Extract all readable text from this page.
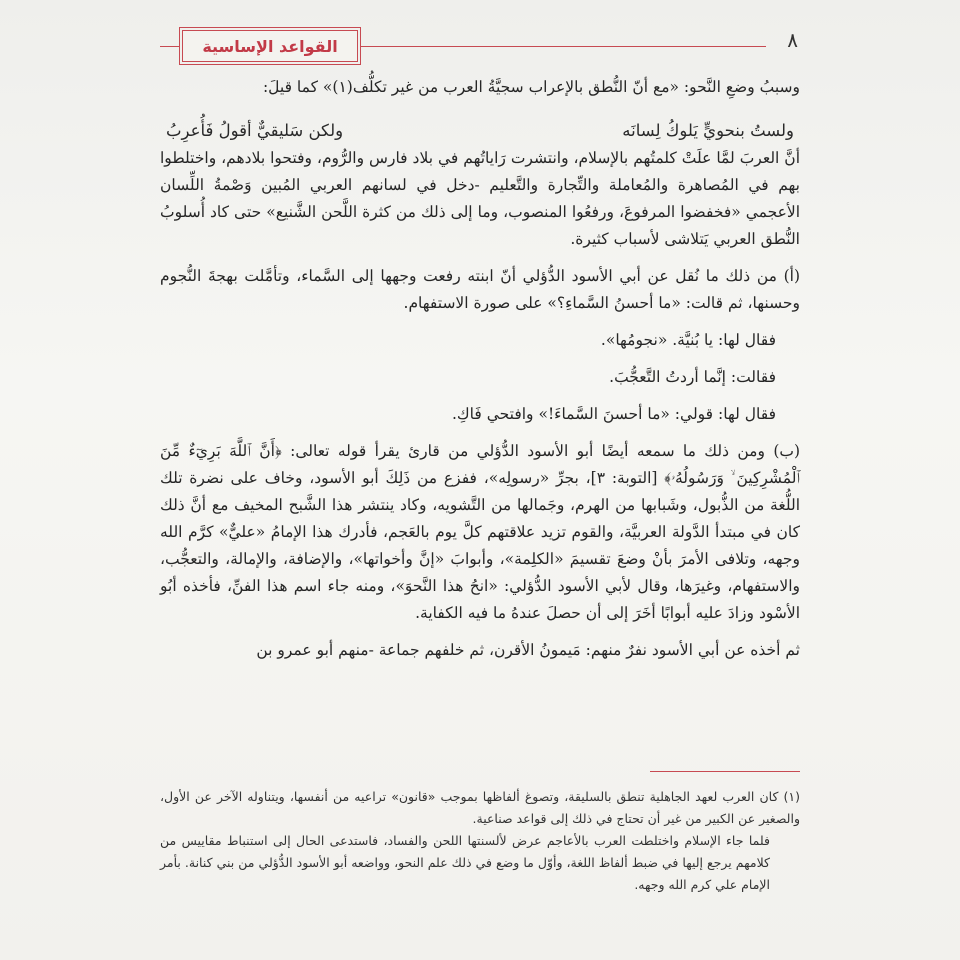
القواعد الإساسية	٨

وسببُ وضعِ النَّحو: «مع أنّ النُّطق بالإعراب سجيَّةُ العرب من غير تكلُّف(١)» كما قيلَ:

ولستُ بنحويٍّ يَلوكُ لِسانَه
ولكن سَليقيٌّ أقولُ فَأُعرِبُ

أنَّ العربَ لمَّا علَتْ كلمتُهم بالإسلام، وانتشرت رَاياتُهم في بلاد فارس والرُّوم، وفتحوا بلادهم، واختلطوا بهم في المُصاهرة والمُعاملة والتِّجارة والتَّعليم -دخل في لسانهم العربي المُبين وَصْمةُ اللِّسان الأعجمي «فخفضوا المرفوعَ، ورفعُوا المنصوب، وما إلى ذلك من كثرة اللَّحن الشَّنيع» حتى كاد أُسلوبُ النُّطق العربي يَتلاشى لأسباب كثيرة.

(أ) من ذلك ما نُقل عن أبي الأسود الدُّؤلي أنّ ابنته رفعت وجهها إلى السَّماء، وتأمَّلت بهجةَ النُّجوم وحسنها، ثم قالت: «ما أحسنُ السَّماءِ؟» على صورة الاستفهام.

فقال لها: يا بُنيَّة. «نجومُها».

فقالت: إنَّما أردتُ التَّعجُّبَ.

فقال لها: قولي: «ما أحسنَ السَّماءَ!» وافتحي فَاكِ.

(ب) ومن ذلك ما سمعه أيضًا أبو الأسود الدُّؤلي من قارئ يقرأ قوله تعالى: ﴿أَنَّ ٱللَّهَ بَرِيٓءٌ مِّنَ ٱلْمُشْرِكِينَ ۙ وَرَسُولُهُۥ﴾ [التوبة: ٣]، بجرِّ «رسولِه»، ففزع من ذَلِكَ أبو الأسود، وخاف على نضرة تلك اللُّغة من الذُّبول، وشَبابها من الهرم، وجَمالها من التَّشويه، وكاد ينتشر هذا الشَّبح المخيف مع أنَّ ذلك كان في مبتدأ الدَّولة العربيَّة، والقوم تزيد علاقتهم كلَّ يوم بالعَجم، فأدرك هذا الإمامُ «عليٌّ» كرَّم الله وجهه، وتلافى الأمرَ بأنْ وضعَ تقسيمَ «الكلِمة»، وأبوابَ «إنَّ وأخواتها»، والإضافة، والإمالة، والتعجُّب، والاستفهام، وغيرَها، وقال لأبي الأسود الدُّؤلي: «انحُ هذا النَّحوَ»، ومنه جاء اسم هذا الفنِّ، فأخذه أبُو الأسْود وزادَ عليه أبوابًا أخَرَ إلى أن حصلَ عندهُ ما فيه الكفاية.

ثم أخذه عن أبي الأسود نفرٌ منهم: مَيمونُ الأقرن، ثم خلفهم جماعة -منهم أبو عمرو بن

(١) كان العرب لعهد الجاهلية تنطق بالسليقة، وتصوغ ألفاظها بموجب «قانون» تراعيه من أنفسها، ويتناوله الآخر عن الأول، والصغير عن الكبير من غير أن تحتاج في ذلك إلى قواعد صناعية.

فلما جاء الإسلام واختلطت العرب بالأعاجم عرض لألسنتها اللحن والفساد، فاستدعى الحال إلى استنباط مقاييس من كلامهم يرجع إليها في ضبط ألفاظ اللغة، وأوّل ما وضع في ذلك علم النحو، وواضعه أبو الأسود الدُّؤلي من بني كنانة. بأمر الإمام علي كرم الله وجهه.
